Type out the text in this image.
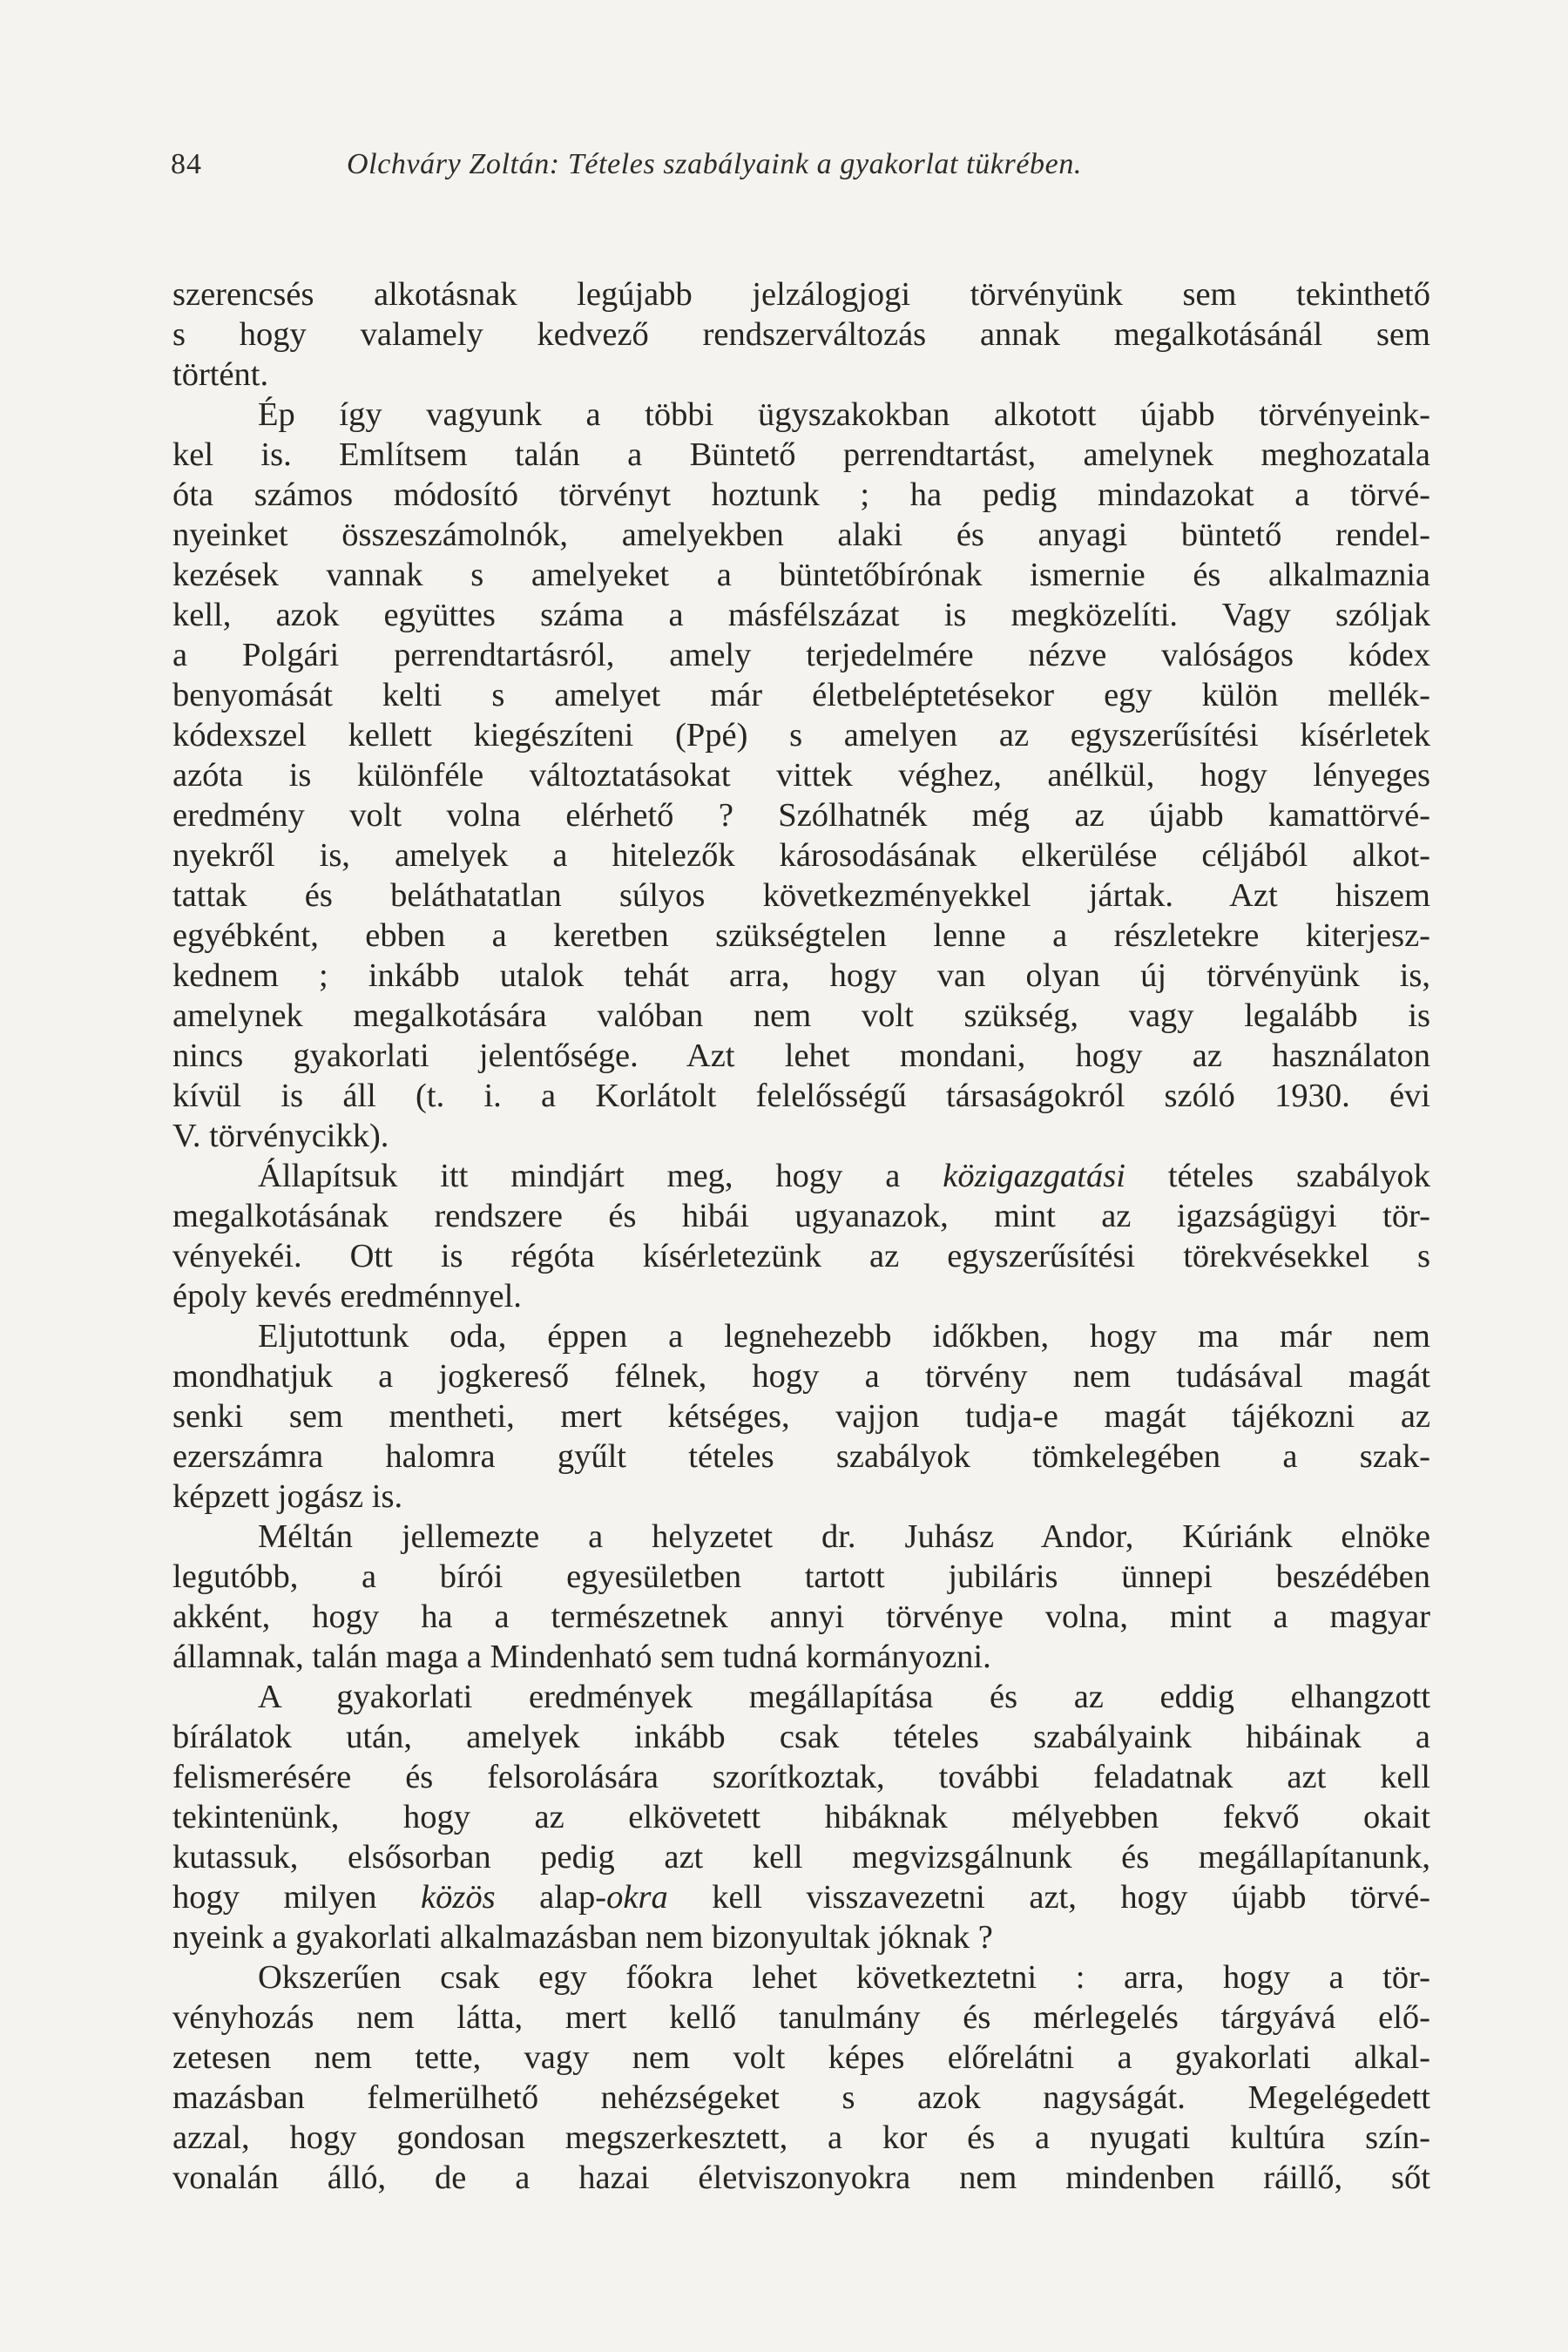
84	Olchváry Zoltán: Tételes szabályaink a gyakorlat tükrében.
szerencsés alkotásnak legújabb jelzálogjogi törvényünk sem tekinthető
s hogy valamely kedvező rendszerváltozás annak megalkotásánál sem
történt.
Ép így vagyunk a többi ügyszakokban alkotott újabb törvényeink-
kel is. Említsem talán a Büntető perrendtartást, amelynek meghozatala
óta számos módosító törvényt hoztunk ; ha pedig mindazokat a törvé-
nyeinket összeszámolnók, amelyekben alaki és anyagi büntető rendel-
kezések vannak s amelyeket a büntetőbírónak ismernie és alkalmaznia
kell, azok együttes száma a másfélszázat is megközelíti. Vagy szóljak
a Polgári perrendtartásról, amely terjedelmére nézve valóságos kódex
benyomását kelti s amelyet már életbeléptetésekor egy külön mellék-
kódexszel kellett kiegészíteni (Ppé) s amelyen az egyszerűsítési kísérletek
azóta is különféle változtatásokat vittek véghez, anélkül, hogy lényeges
eredmény volt volna elérhető ? Szólhatnék még az újabb kamattörvé-
nyekről is, amelyek a hitelezők károsodásának elkerülése céljából alkot-
tattak és beláthatatlan súlyos következményekkel jártak. Azt hiszem
egyébként, ebben a keretben szükségtelen lenne a részletekre kiterjesz-
kednem ; inkább utalok tehát arra, hogy van olyan új törvényünk is,
amelynek megalkotására valóban nem volt szükség, vagy legalább is
nincs gyakorlati jelentősége. Azt lehet mondani, hogy az használaton
kívül is áll (t. i. a Korlátolt felelősségű társaságokról szóló 1930. évi
V. törvénycikk).
Állapítsuk itt mindjárt meg, hogy a közigazgatási tételes szabályok
megalkotásának rendszere és hibái ugyanazok, mint az igazságügyi tör-
vényekéi. Ott is régóta kísérletezünk az egyszerűsítési törekvésekkel s
époly kevés eredménnyel.
Eljutottunk oda, éppen a legnehezebb időkben, hogy ma már nem
mondhatjuk a jogkereső félnek, hogy a törvény nem tudásával magát
senki sem mentheti, mert kétséges, vajjon tudja-e magát tájékozni az
ezerszámra halomra gyűlt tételes szabályok tömkelegében a szak-
képzett jogász is.
Méltán jellemezte a helyzetet dr. Juhász Andor, Kúriánk elnöke
legutóbb, a bírói egyesületben tartott jubiláris ünnepi beszédében
akként, hogy ha a természetnek annyi törvénye volna, mint a magyar
államnak, talán maga a Mindenható sem tudná kormányozni.
A gyakorlati eredmények megállapítása és az eddig elhangzott
bírálatok után, amelyek inkább csak tételes szabályaink hibáinak a
felismerésére és felsorolására szorítkoztak, további feladatnak azt kell
tekintenünk, hogy az elkövetett hibáknak mélyebben fekvő okait
kutassuk, elsősorban pedig azt kell megvizsgálnunk és megállapítanunk,
hogy milyen közös alap-okra kell visszavezetni azt, hogy újabb törvé-
nyeink a gyakorlati alkalmazásban nem bizonyultak jóknak ?
Okszerűen csak egy főokra lehet következtetni : arra, hogy a tör-
vényhozás nem látta, mert kellő tanulmány és mérlegelés tárgyává elő-
zetesen nem tette, vagy nem volt képes előrelátni a gyakorlati alkal-
mazásban felmerülhető nehézségeket s azok nagyságát. Megelégedett
azzal, hogy gondosan megszerkesztett, a kor és a nyugati kultúra szín-
vonalán álló, de a hazai életviszonyokra nem mindenben ráillő, sőt
